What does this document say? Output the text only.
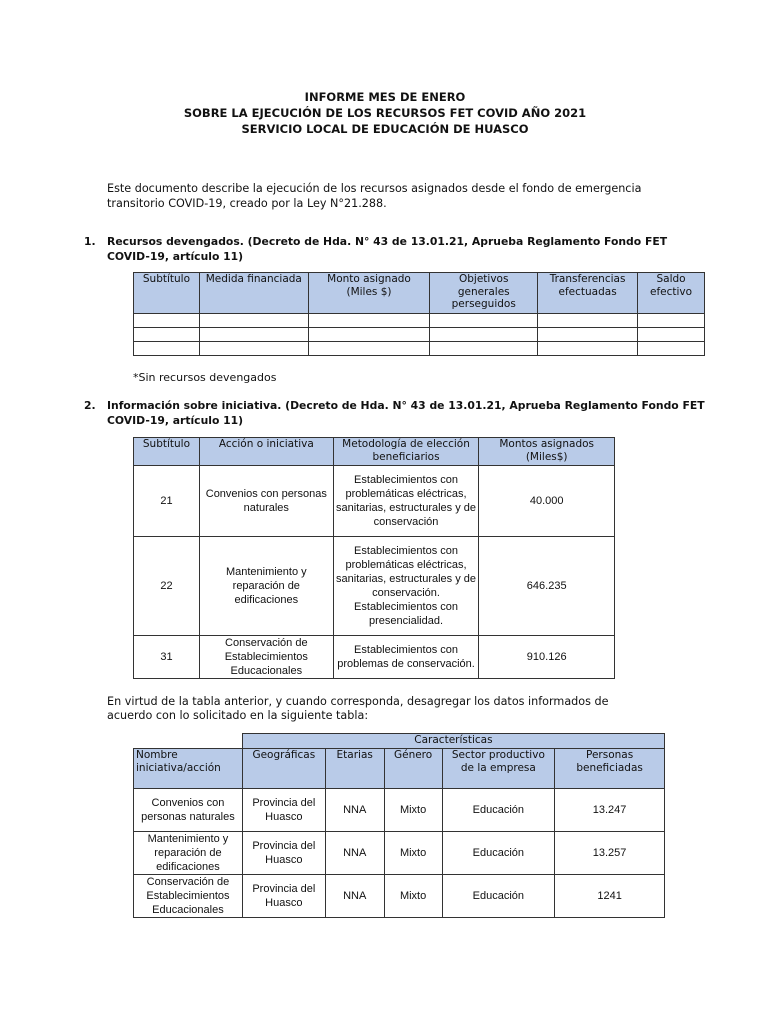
INFORME MES DE ENERO
SOBRE LA EJECUCIÓN DE LOS RECURSOS FET COVID AÑO 2021
SERVICIO LOCAL DE EDUCACIÓN DE HUASCO
Este documento describe la ejecución de los recursos asignados desde el fondo de emergencia
transitorio COVID-19, creado por la Ley N°21.288.
1. Recursos devengados. (Decreto de Hda. N° 43 de 13.01.21, Aprueba Reglamento Fondo FET
COVID-19, artículo 11)
Subtítulo	Medida financiada	Monto asignado (Miles $)	Objetivos generales perseguidos	Transferencias efectuadas	Saldo efectivo

*Sin recursos devengados
2. Información sobre iniciativa. (Decreto de Hda. N° 43 de 13.01.21, Aprueba Reglamento Fondo FET
COVID-19, artículo 11)
Subtítulo	Acción o iniciativa	Metodología de elección beneficiarios	Montos asignados (Miles$)
21	Convenios con personas naturales	Establecimientos con problemáticas eléctricas, sanitarias, estructurales y de conservación	40.000
22	Mantenimiento y reparación de edificaciones	Establecimientos con problemáticas eléctricas, sanitarias, estructurales y de conservación. Establecimientos con presencialidad.	646.235
31	Conservación de Establecimientos Educacionales	Establecimientos con problemas de conservación.	910.126
En virtud de la tabla anterior, y cuando corresponda, desagregar los datos informados de
acuerdo con lo solicitado en la siguiente tabla:
	Características				
Nombre iniciativa/acción	Geográficas	Etarias	Género	Sector productivo de la empresa	Personas beneficiadas
Convenios con personas naturales	Provincia del Huasco	NNA	Mixto	Educación	13.247
Mantenimiento y reparación de edificaciones	Provincia del Huasco	NNA	Mixto	Educación	13.257
Conservación de Establecimientos Educacionales	Provincia del Huasco	NNA	Mixto	Educación	1241
